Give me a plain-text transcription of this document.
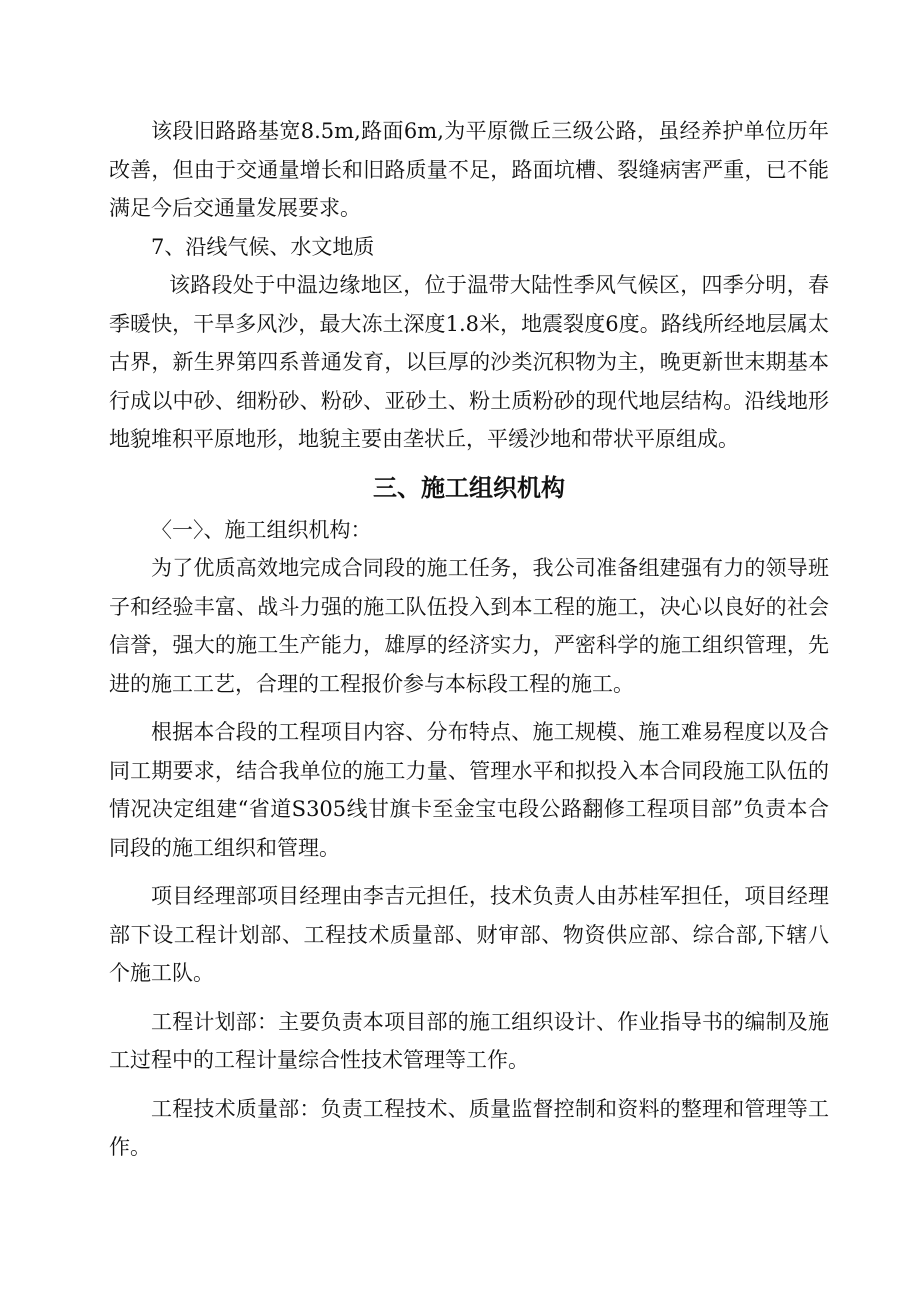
该段旧路路基宽8.5m,路面6m,为平原微丘三级公路，虽经养护单位历年改善，但由于交通量增长和旧路质量不足，路面坑槽、裂缝病害严重，已不能满足今后交通量发展要求。

7、沿线气候、水文地质

该路段处于中温边缘地区，位于温带大陆性季风气候区，四季分明，春季暖快，干旱多风沙，最大冻土深度1.8米，地震裂度6度。路线所经地层属太古界，新生界第四系普通发育，以巨厚的沙类沉积物为主，晚更新世末期基本行成以中砂、细粉砂、粉砂、亚砂土、粉土质粉砂的现代地层结构。沿线地形地貌堆积平原地形，地貌主要由垄状丘，平缓沙地和带状平原组成。

三、施工组织机构

〈一〉、施工组织机构：

为了优质高效地完成合同段的施工任务，我公司准备组建强有力的领导班子和经验丰富、战斗力强的施工队伍投入到本工程的施工，决心以良好的社会信誉，强大的施工生产能力，雄厚的经济实力，严密科学的施工组织管理，先进的施工工艺，合理的工程报价参与本标段工程的施工。

根据本合段的工程项目内容、分布特点、施工规模、施工难易程度以及合同工期要求，结合我单位的施工力量、管理水平和拟投入本合同段施工队伍的情况决定组建“省道S305线甘旗卡至金宝屯段公路翻修工程项目部”负责本合同段的施工组织和管理。

项目经理部项目经理由李吉元担任，技术负责人由苏桂军担任，项目经理部下设工程计划部、工程技术质量部、财审部、物资供应部、综合部,下辖八个施工队。

工程计划部：主要负责本项目部的施工组织设计、作业指导书的编制及施工过程中的工程计量综合性技术管理等工作。

工程技术质量部：负责工程技术、质量监督控制和资料的整理和管理等工作。
